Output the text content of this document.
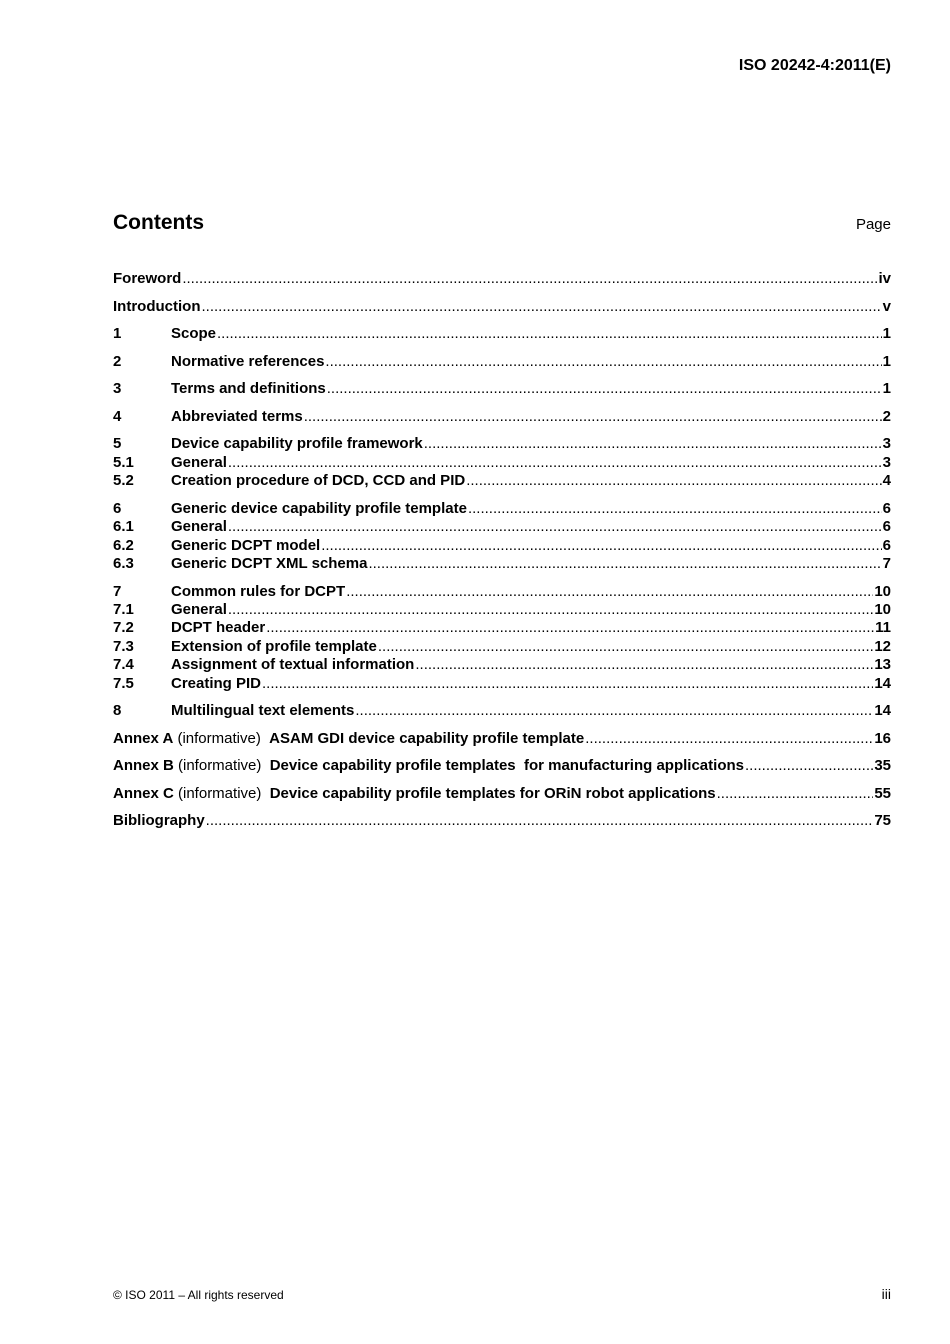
ISO 20242-4:2011(E)
Contents	Page
Foreword .....	iv
Introduction .....	v
1	Scope .....	1
2	Normative references .....	1
3	Terms and definitions .....	1
4	Abbreviated terms .....	2
5	Device capability profile framework .....	3
5.1	General .....	3
5.2	Creation procedure of DCD, CCD and PID .....	4
6	Generic device capability profile template .....	6
6.1	General .....	6
6.2	Generic DCPT model .....	6
6.3	Generic DCPT XML schema .....	7
7	Common rules for DCPT .....	10
7.1	General .....	10
7.2	DCPT header .....	11
7.3	Extension of profile template .....	12
7.4	Assignment of textual information .....	13
7.5	Creating PID .....	14
8	Multilingual text elements .....	14
Annex A (informative) ASAM GDI device capability profile template .....	16
Annex B (informative) Device capability profile templates  for manufacturing applications .....	35
Annex C (informative) Device capability profile templates for ORiN robot applications .....	55
Bibliography .....	75
© ISO 2011 – All rights reserved	iii
